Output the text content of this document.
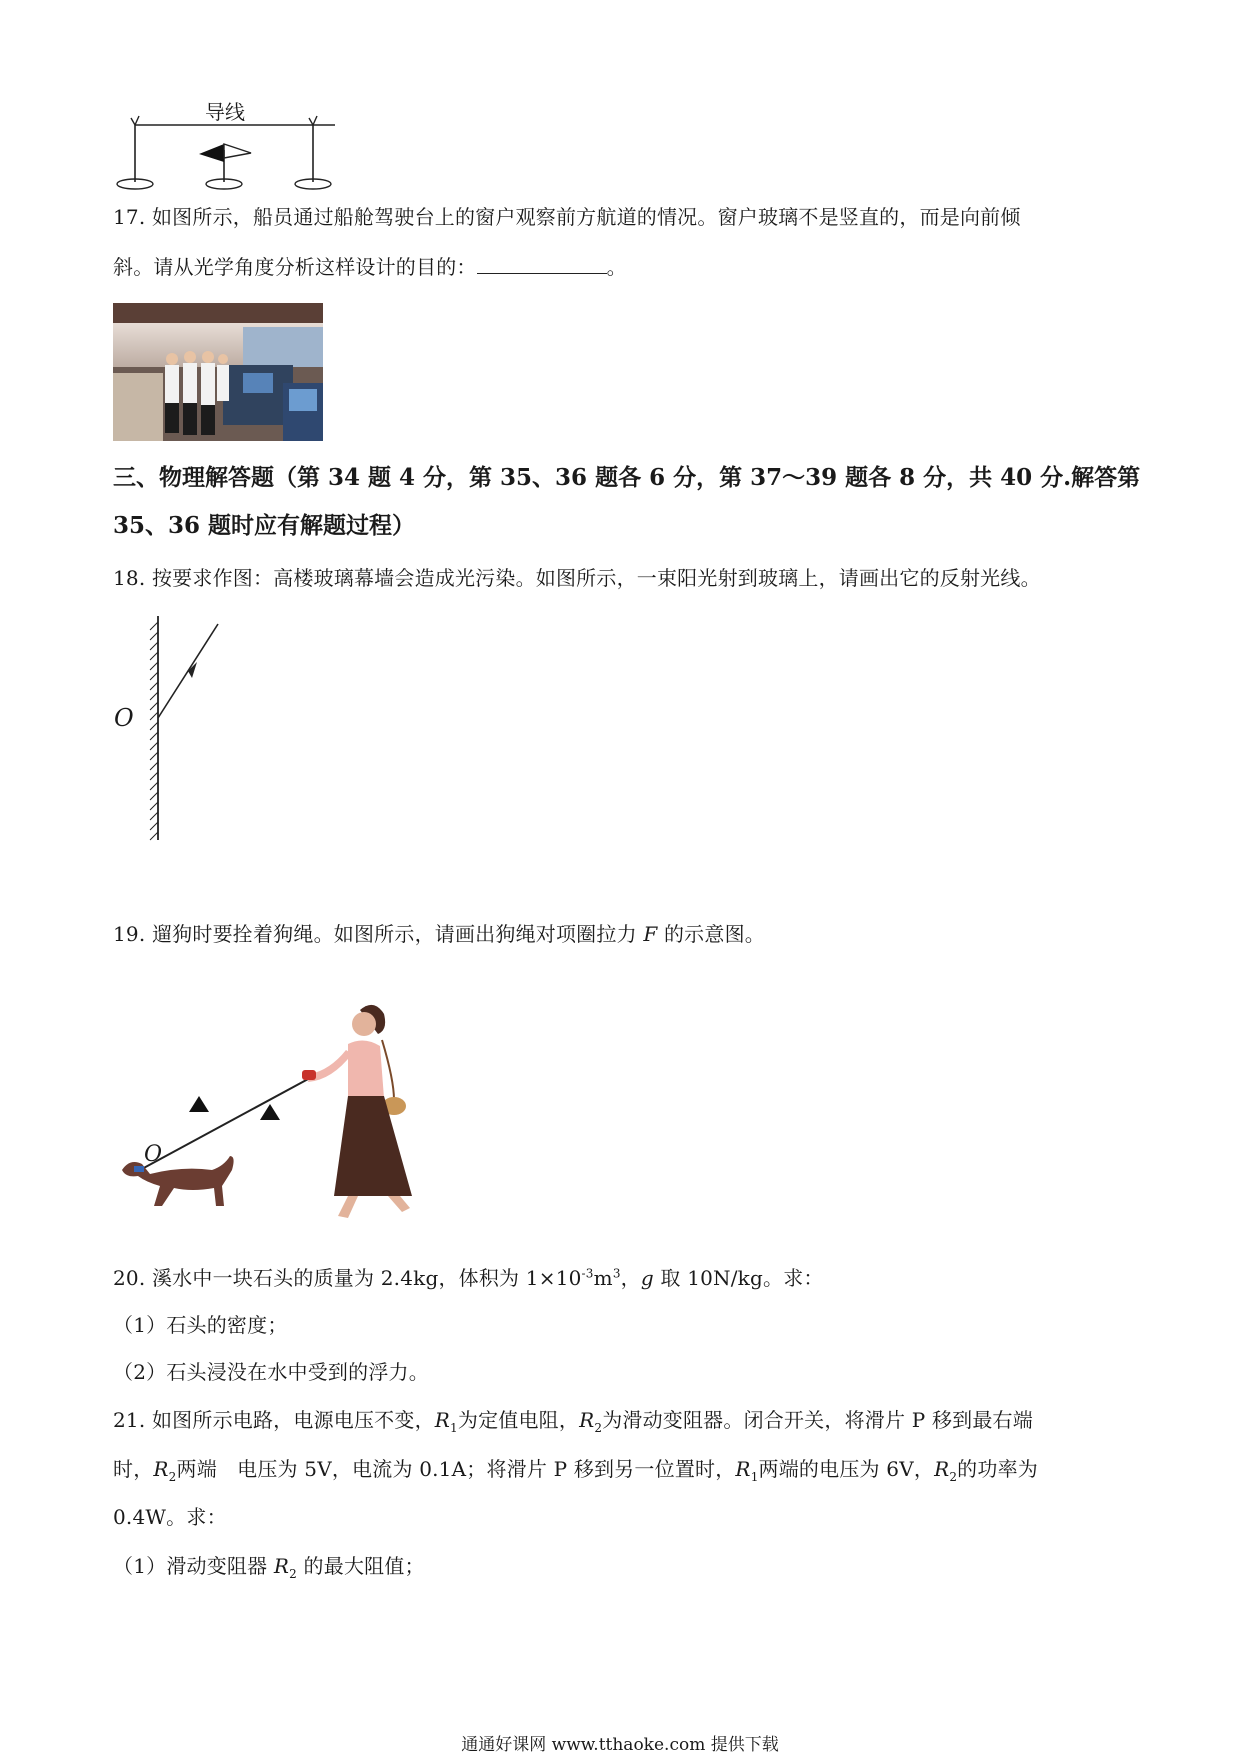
导线
17. 如图所示，船员通过船舱驾驶台上的窗户观察前方航道的情况。窗户玻璃不是竖直的，而是向前倾
斜。请从光学角度分析这样设计的目的：	。
三、物理解答题（第 34 题 4 分，第 35、36 题各 6 分，第 37～39 题各 8 分，共 40 分.解答第
35、36 题时应有解题过程）
18. 按要求作图：高楼玻璃幕墙会造成光污染。如图所示，一束阳光射到玻璃上，请画出它的反射光线。
O
19. 遛狗时要拴着狗绳。如图所示，请画出狗绳对项圈拉力 F 的示意图。
O
20. 溪水中一块石头的质量为 2.4kg，体积为 $1\times 10^{-3}m^3$，g 取 10N/kg。求：
（1）石头的密度；
（2）石头浸没在水中受到的浮力。
21. 如图所示电路，电源电压不变，$R_1$为定值电阻，$R_2$为滑动变阻器。闭合开关，将滑片 P 移到最右端
时，$R_2$两端　电压为 5V，电流为 0.1A；将滑片 P 移到另一位置时，$R_1$两端的电压为 6V，$R_2$的功率为
0.4W。求：
（1）滑动变阻器 $R_2$ 的最大阻值；
通通好课网 www.tthaoke.com 提供下载
